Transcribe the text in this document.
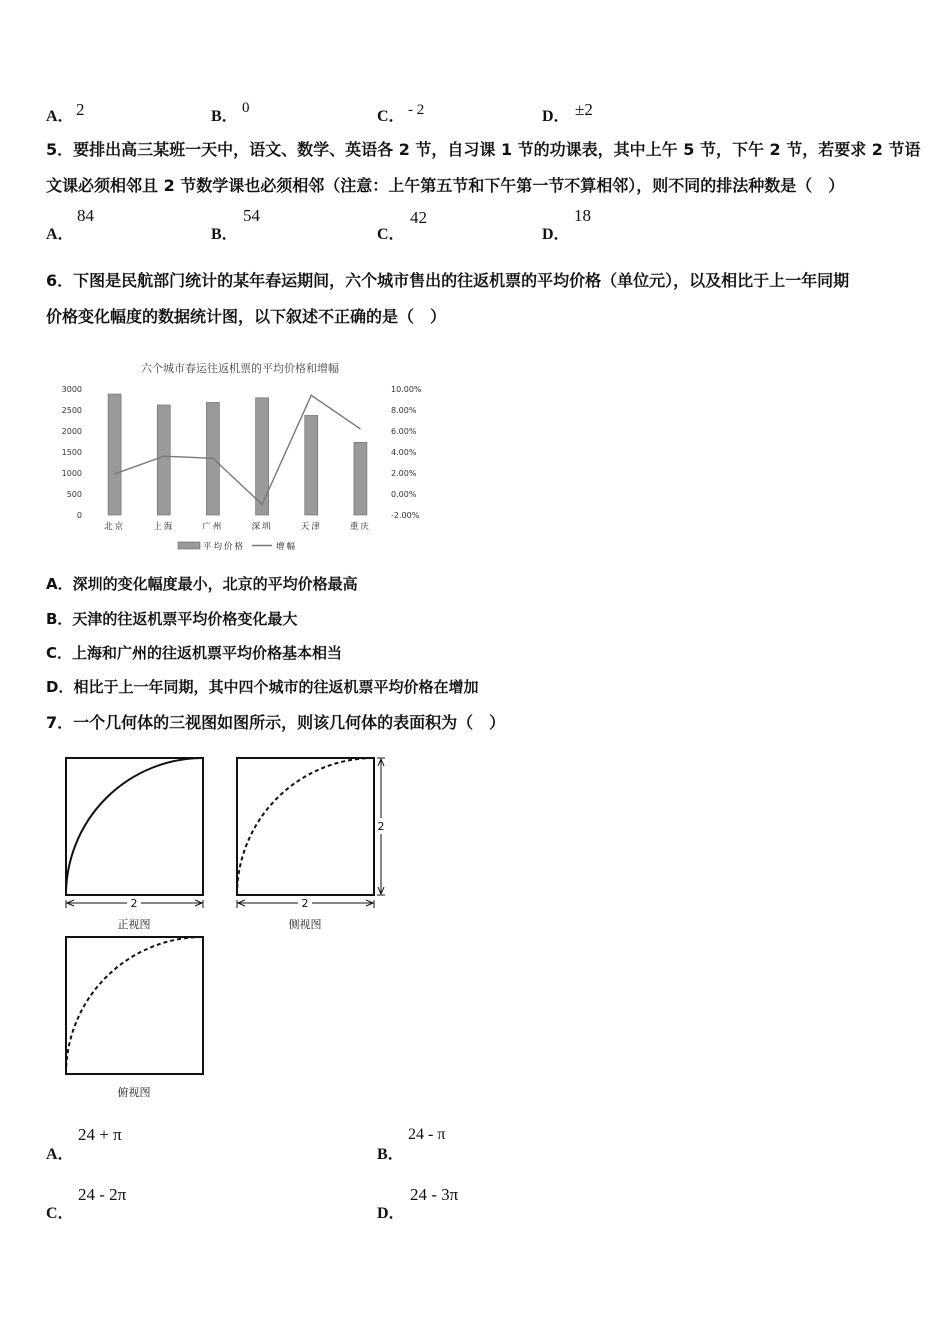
A． 2	B． 0	C． - 2	D． ±2
5．要排出高三某班一天中，语文、数学、英语各 2 节，自习课 1 节的功课表，其中上午 5 节，下午 2 节，若要求 2 节语
文课必须相邻且 2 节数学课也必须相邻（注意：上午第五节和下午第一节不算相邻），则不同的排法种数是（　）
A．
84
B．
54
C．
42
D．
18
6．下图是民航部门统计的某年春运期间，六个城市售出的往返机票的平均价格（单位元），以及相比于上一年同期
价格变化幅度的数据统计图，以下叙述不正确的是（　）
六个城市春运往返机票的平均价格和增幅
3000
2500
2000
1500
1000
500
0
10.00%
8.00%
6.00%
4.00%
2.00%
0.00%
-2.00%
北京	上海	广州	深圳	天津	重庆
平均价格	增幅
A．深圳的变化幅度最小，北京的平均价格最高
B．天津的往返机票平均价格变化最大
C．上海和广州的往返机票平均价格基本相当
D．相比于上一年同期，其中四个城市的往返机票平均价格在增加
7．一个几何体的三视图如图所示，则该几何体的表面积为（　）
2
正视图
2
2
侧视图
俯视图
A．
24 + π
B．
24 - π
C．
24 - 2π
D．
24 - 3π
